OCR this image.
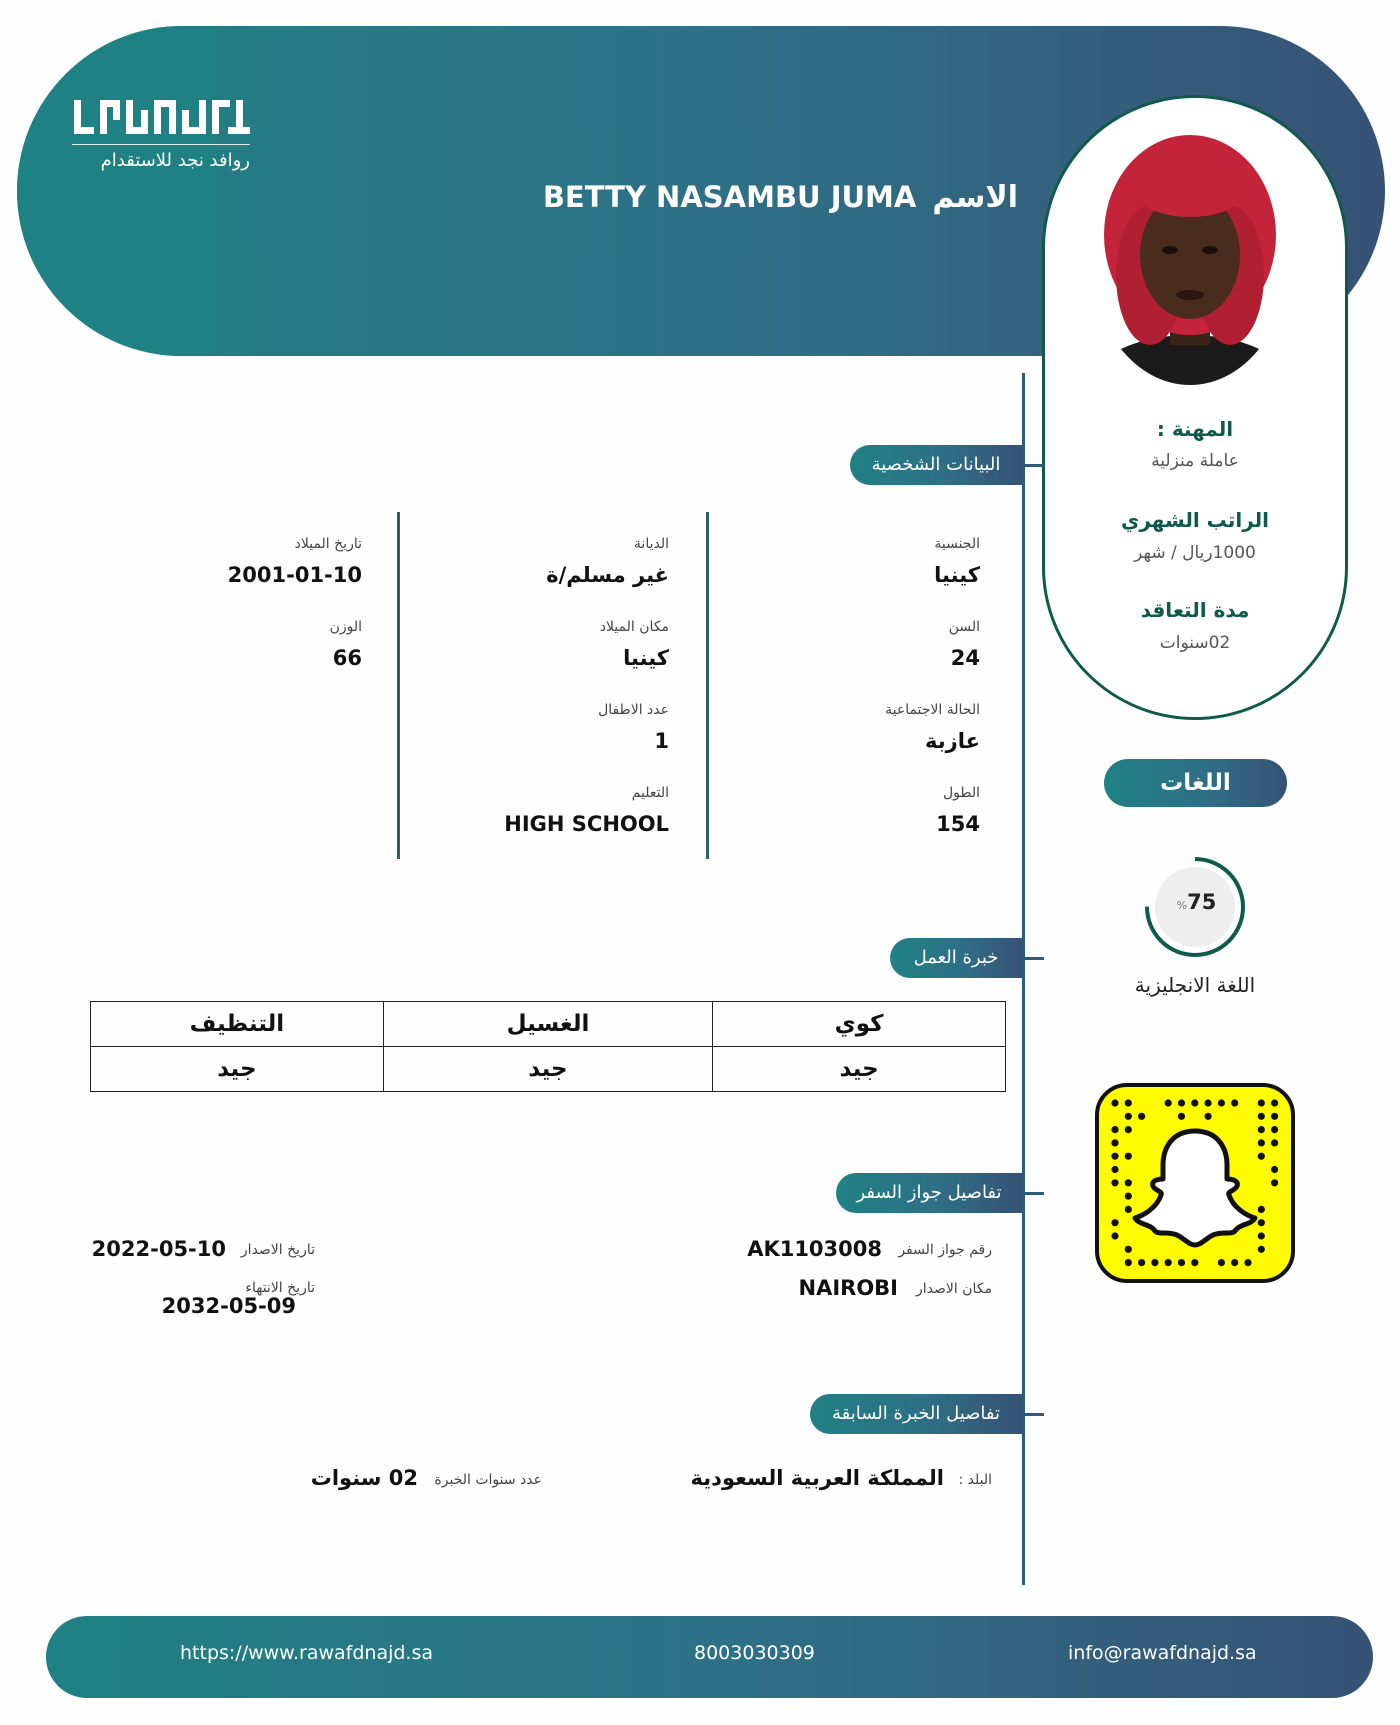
روافد نجد للاستقدام
الاسمBETTY NASAMBU JUMA
المهنة :
عاملة منزلية
الراتب الشهري
1000ريال / شهر
مدة التعاقد
02سنوات
اللغات
%75
اللغة الانجليزية
البيانات الشخصية
خبرة العمل
تفاصيل جواز السفر
تفاصيل الخبرة السابقة
الجنسية
كينيا
السن
24
الحالة الاجتماعية
عازبة
الطول
154
الديانة
غير مسلم/ة
مكان الميلاد
كينيا
عدد الاطفال
1
التعليم
HIGH SCHOOL
تاريخ الميلاد
2001-01-10
الوزن
66
كوي	الغسيل	التنظيف
جيد	جيد	جيد
رقم جواز السفر
AK1103008
مكان الاصدار
NAIROBI
تاريخ الاصدار
2022-05-10
تاريخ الانتهاء
2032-05-09
البلد :
المملكة العربية السعودية
عدد سنوات الخبرة
02 سنوات
https://www.rawafdnajd.sa	8003030309	info@rawafdnajd.sa
